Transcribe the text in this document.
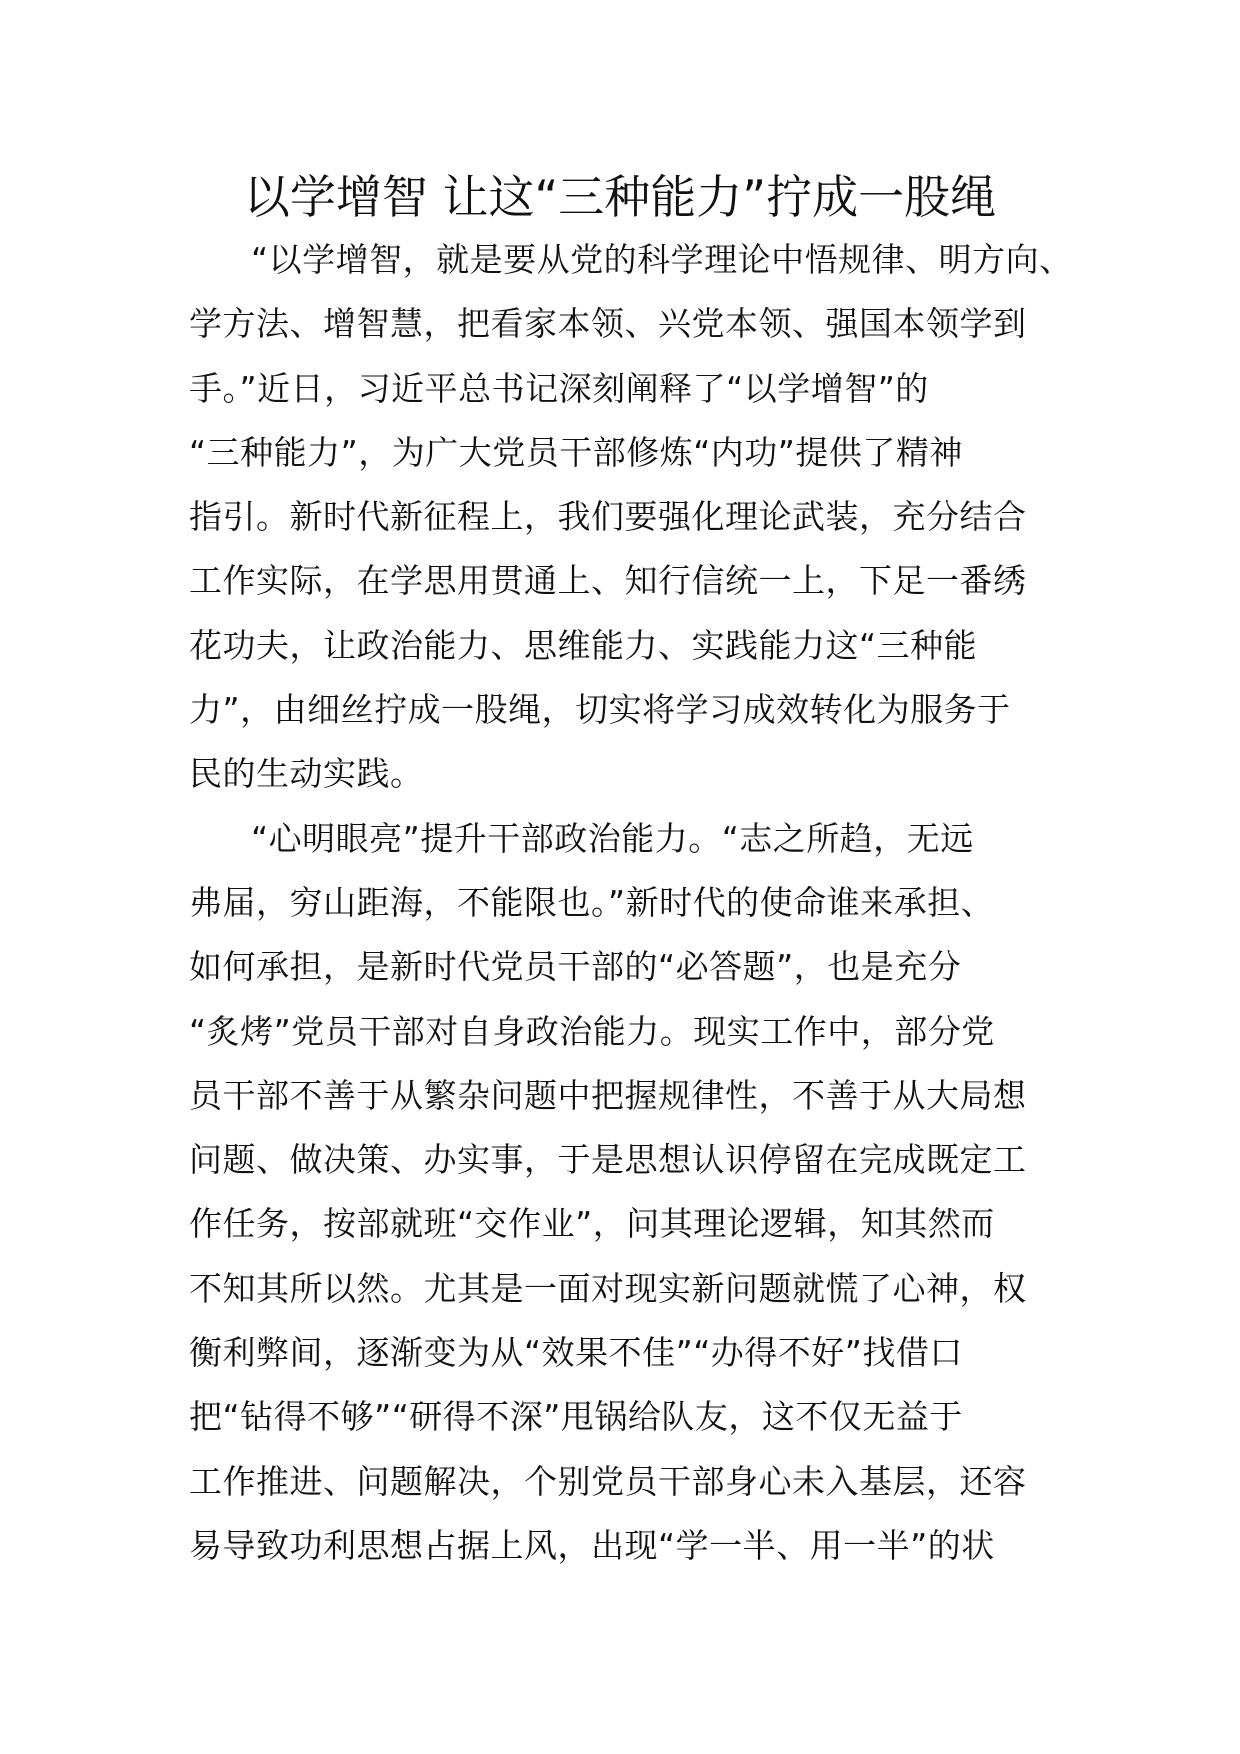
以学增智 让这“三种能力”拧成一股绳
“以学增智，就是要从党的科学理论中悟规律、明方向、
学方法、增智慧，把看家本领、兴党本领、强国本领学到
手。”近日，习近平总书记深刻阐释了“以学增智”的
“三种能力”，为广大党员干部修炼“内功”提供了精神
指引。新时代新征程上，我们要强化理论武装，充分结合
工作实际，在学思用贯通上、知行信统一上，下足一番绣
花功夫，让政治能力、思维能力、实践能力这“三种能
力”，由细丝拧成一股绳，切实将学习成效转化为服务于
民的生动实践。
“心明眼亮”提升干部政治能力。“志之所趋，无远
弗届，穷山距海，不能限也。”新时代的使命谁来承担、
如何承担，是新时代党员干部的“必答题”，也是充分
“炙烤”党员干部对自身政治能力。现实工作中，部分党
员干部不善于从繁杂问题中把握规律性，不善于从大局想
问题、做决策、办实事，于是思想认识停留在完成既定工
作任务，按部就班“交作业”，问其理论逻辑，知其然而
不知其所以然。尤其是一面对现实新问题就慌了心神，权
衡利弊间，逐渐变为从“效果不佳”“办得不好”找借口
把“钻得不够”“研得不深”甩锅给队友，这不仅无益于
工作推进、问题解决，个别党员干部身心未入基层，还容
易导致功利思想占据上风，出现“学一半、用一半”的状
